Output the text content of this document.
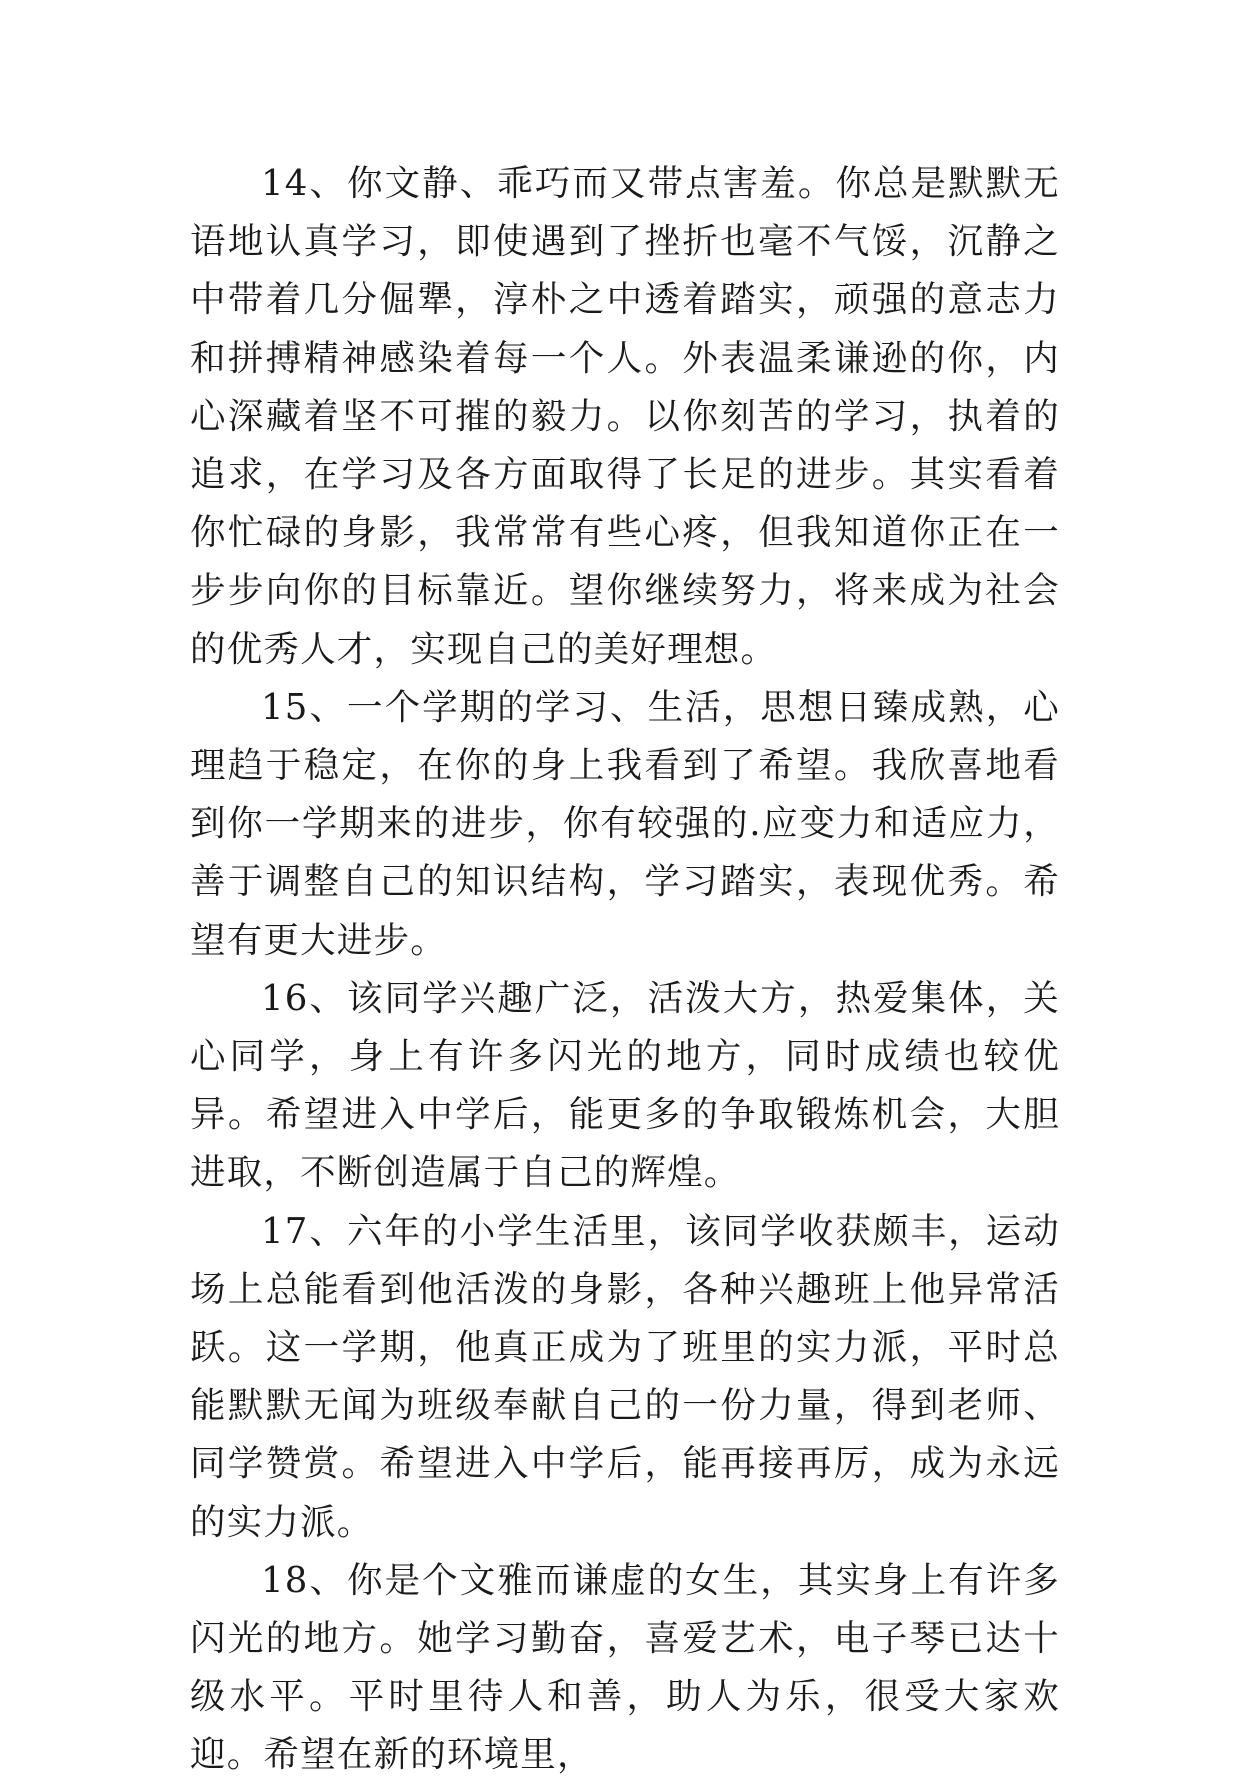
14、你文静、乖巧而又带点害羞。你总是默默无语地认真学习，即使遇到了挫折也毫不气馁，沉静之中带着几分倔犟，淳朴之中透着踏实，顽强的意志力和拼搏精神感染着每一个人。外表温柔谦逊的你，内心深藏着坚不可摧的毅力。以你刻苦的学习，执着的追求，在学习及各方面取得了长足的进步。其实看着你忙碌的身影，我常常有些心疼，但我知道你正在一步步向你的目标靠近。望你继续努力，将来成为社会的优秀人才，实现自己的美好理想。

15、一个学期的学习、生活，思想日臻成熟，心理趋于稳定，在你的身上我看到了希望。我欣喜地看到你一学期来的进步，你有较强的.应变力和适应力，善于调整自己的知识结构，学习踏实，表现优秀。希望有更大进步。

16、该同学兴趣广泛，活泼大方，热爱集体，关心同学，身上有许多闪光的地方，同时成绩也较优异。希望进入中学后，能更多的争取锻炼机会，大胆进取，不断创造属于自己的辉煌。

17、六年的小学生活里，该同学收获颇丰，运动场上总能看到他活泼的身影，各种兴趣班上他异常活跃。这一学期，他真正成为了班里的实力派，平时总能默默无闻为班级奉献自己的一份力量，得到老师、同学赞赏。希望进入中学后，能再接再厉，成为永远的实力派。

18、你是个文雅而谦虚的女生，其实身上有许多闪光的地方。她学习勤奋，喜爱艺术，电子琴已达十级水平。平时里待人和善，助人为乐，很受大家欢迎。希望在新的环境里，
